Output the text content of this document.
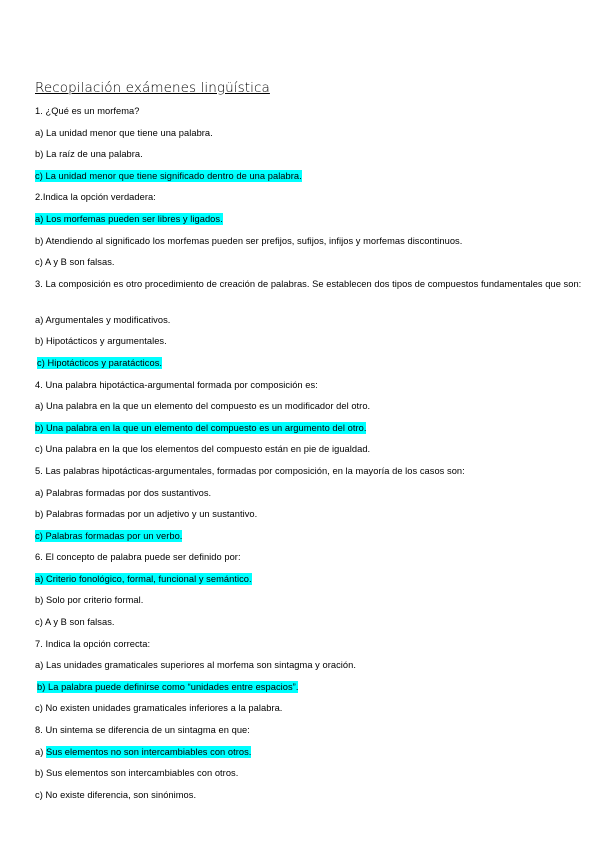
Recopilación exámenes lingüística
1. ¿Qué es un morfema?
a) La unidad menor que tiene una palabra.
b) La raíz de una palabra.
c) La unidad menor que tiene significado dentro de una palabra.
2.Indica la opción verdadera:
a) Los morfemas pueden ser libres y ligados.
b) Atendiendo al significado los morfemas pueden ser prefijos, sufijos, infijos y morfemas discontinuos.
c) A y B son falsas.
3. La composición es otro procedimiento de creación de palabras. Se establecen dos tipos de compuestos fundamentales que son:
a) Argumentales y modificativos.
b) Hipotácticos y argumentales.
c) Hipotácticos y paratácticos.
4. Una palabra hipotáctica-argumental formada por composición es:
a) Una palabra en la que un elemento del compuesto es un modificador del otro.
b) Una palabra en la que un elemento del compuesto es un argumento del otro.
c) Una palabra en la que los elementos del compuesto están en pie de igualdad.
5. Las palabras hipotácticas-argumentales, formadas por composición, en la mayoría de los casos son:
a) Palabras formadas por dos sustantivos.
b) Palabras formadas por un adjetivo y un sustantivo.
c) Palabras formadas por un verbo.
6. El concepto de palabra puede ser definido por:
a) Criterio fonológico, formal, funcional y semántico.
b) Solo por criterio formal.
c) A y B son falsas.
7. Indica la opción correcta:
a) Las unidades gramaticales superiores al morfema son sintagma y oración.
b) La palabra puede definirse como “unidades entre espacios”.
c) No existen unidades gramaticales inferiores a la palabra.
8. Un sintema se diferencia de un sintagma en que:
a) Sus elementos no son intercambiables con otros.
b) Sus elementos son intercambiables con otros.
c) No existe diferencia, son sinónimos.
